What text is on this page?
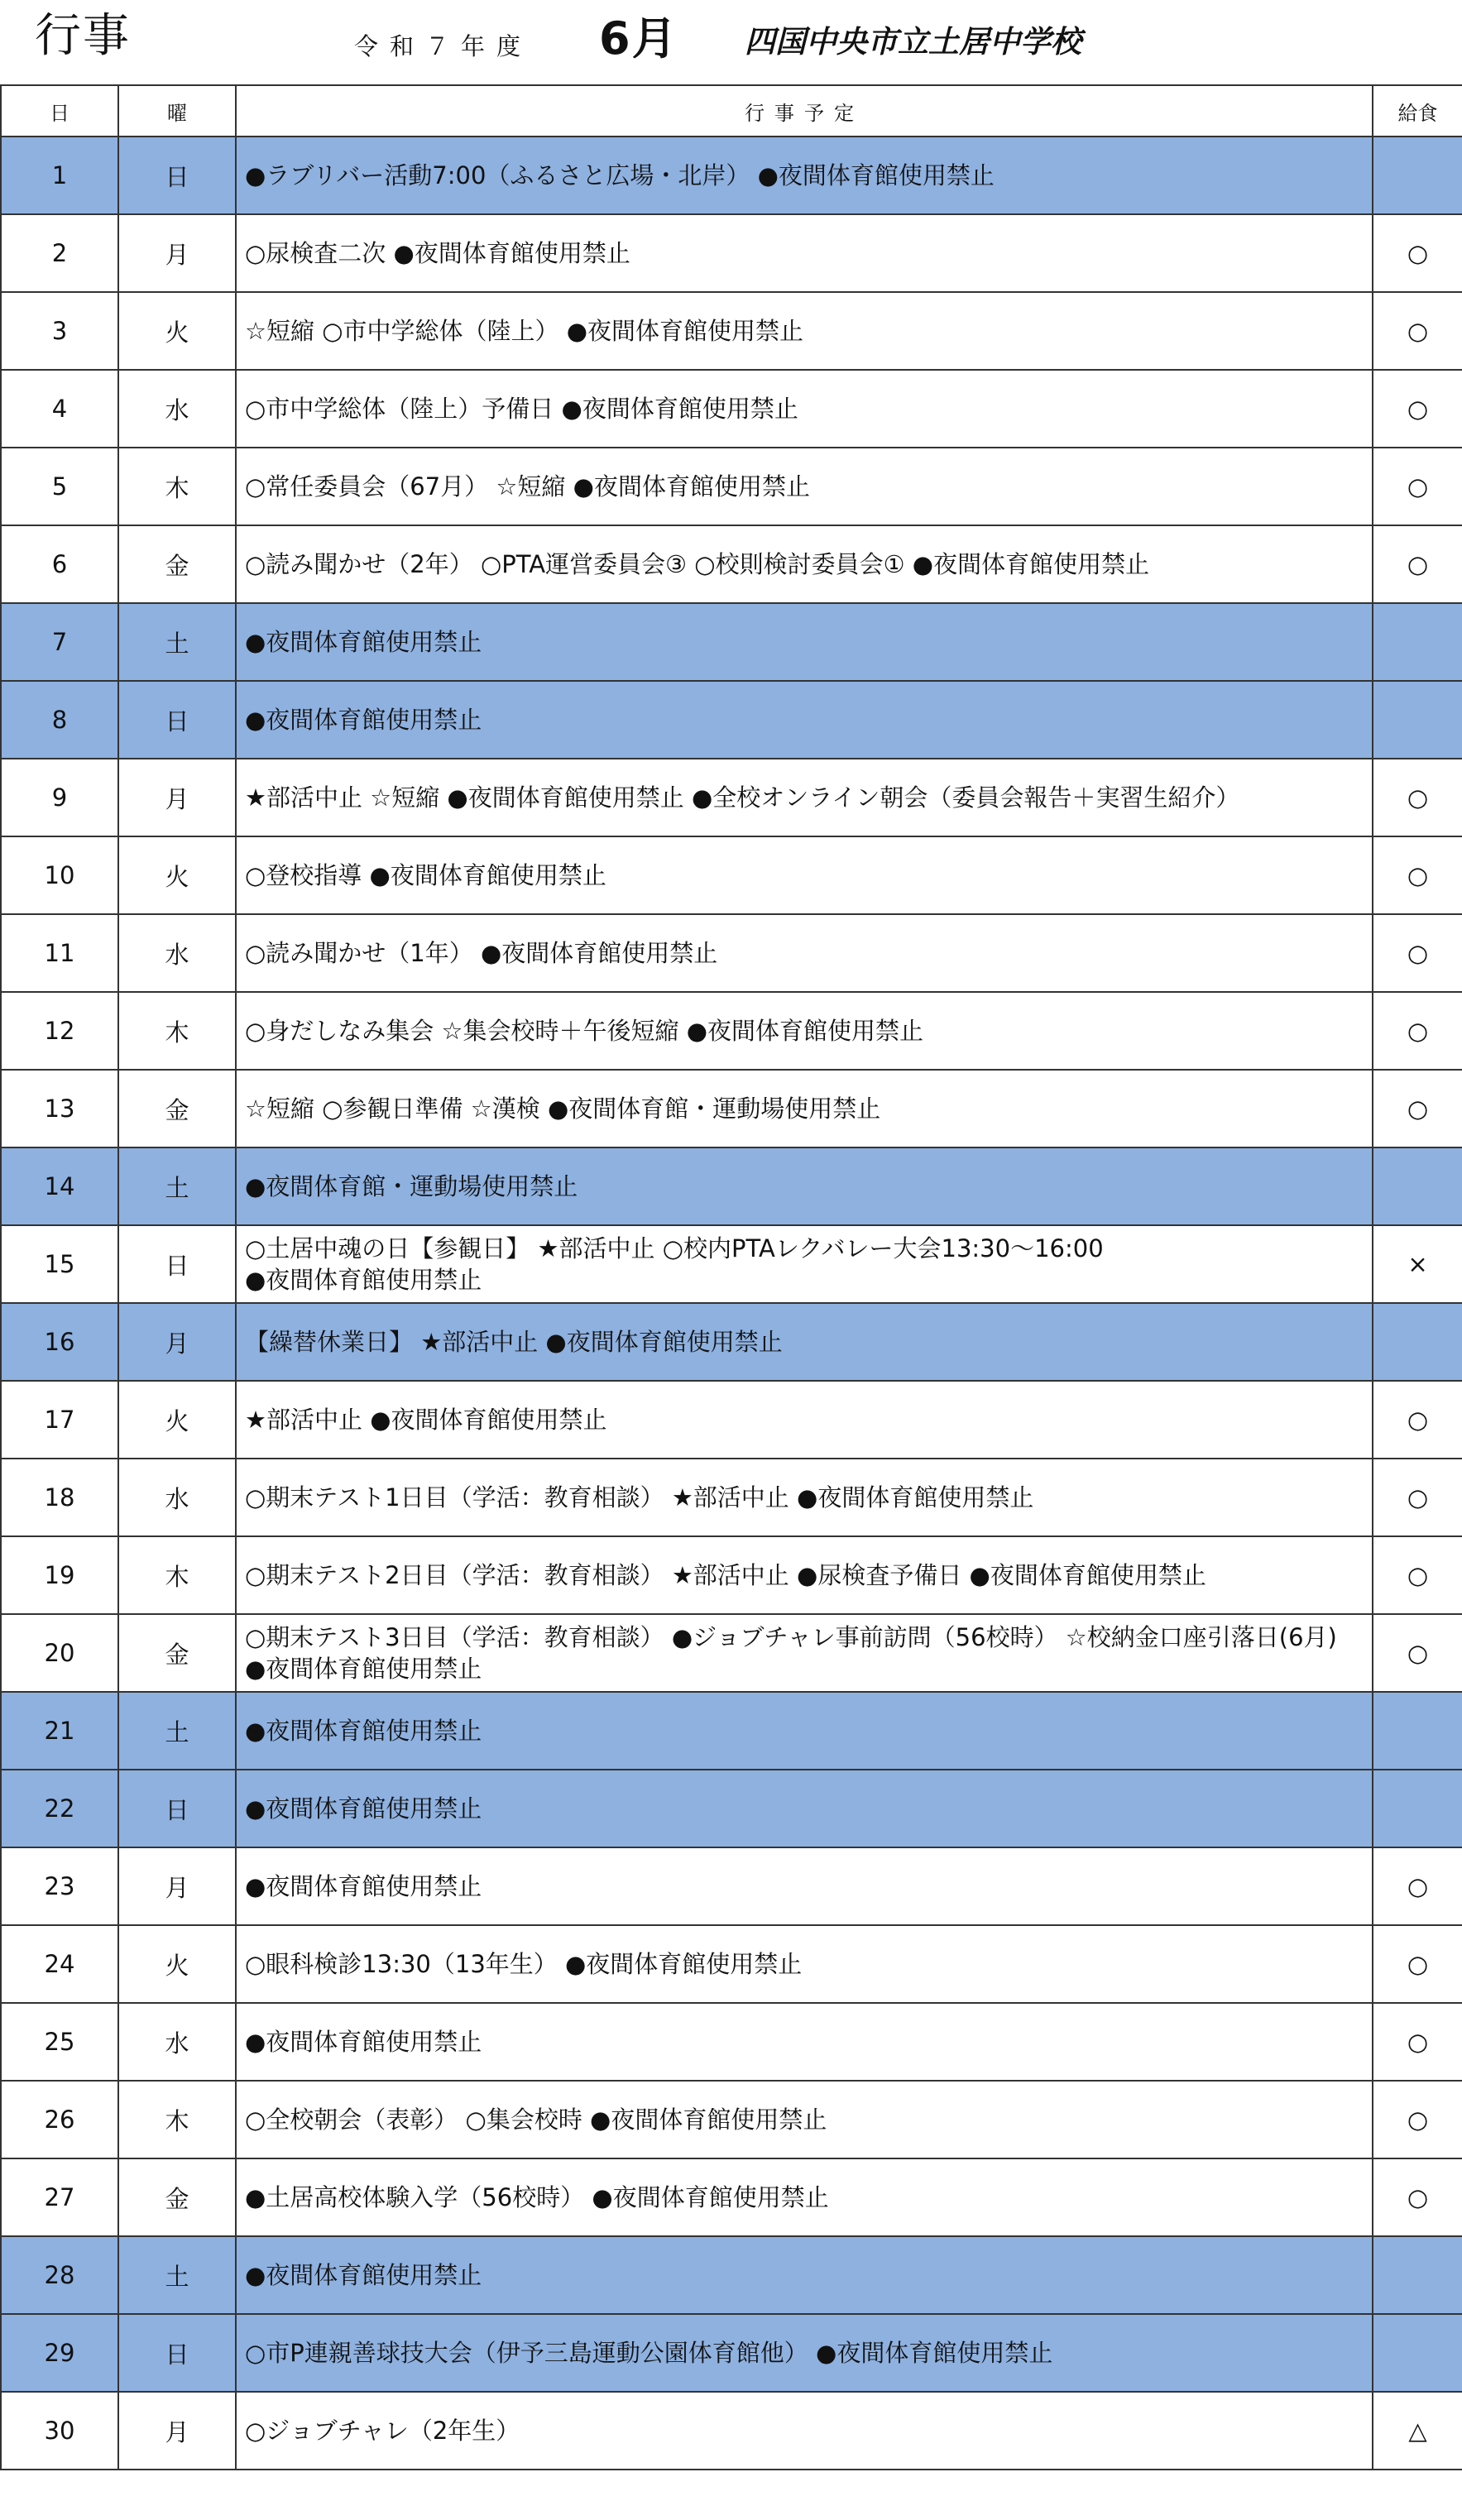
行事	令和７年度 6月 四国中央市立土居中学校
日	曜	行事予定	給食
1	日	●ラブリバー活動7:00（ふるさと広場・北岸） ●夜間体育館使用禁止	
2	月	○尿検査二次 ●夜間体育館使用禁止	○
3	火	☆短縮 ○市中学総体（陸上） ●夜間体育館使用禁止	○
4	水	○市中学総体（陸上）予備日 ●夜間体育館使用禁止	○
5	木	○常任委員会（67月） ☆短縮 ●夜間体育館使用禁止	○
6	金	○読み聞かせ（2年） ○PTA運営委員会③ ○校則検討委員会① ●夜間体育館使用禁止	○
7	土	●夜間体育館使用禁止	
8	日	●夜間体育館使用禁止	
9	月	★部活中止 ☆短縮 ●夜間体育館使用禁止 ●全校オンライン朝会（委員会報告＋実習生紹介）	○
10	火	○登校指導 ●夜間体育館使用禁止	○
11	水	○読み聞かせ（1年） ●夜間体育館使用禁止	○
12	木	○身だしなみ集会 ☆集会校時＋午後短縮 ●夜間体育館使用禁止	○
13	金	☆短縮 ○参観日準備 ☆漢検 ●夜間体育館・運動場使用禁止	○
14	土	●夜間体育館・運動場使用禁止	
15	日	○土居中魂の日【参観日】 ★部活中止 ○校内PTAレクバレー大会13:30～16:00
●夜間体育館使用禁止	×
16	月	【繰替休業日】 ★部活中止 ●夜間体育館使用禁止	
17	火	★部活中止 ●夜間体育館使用禁止	○
18	水	○期末テスト1日目（学活：教育相談） ★部活中止 ●夜間体育館使用禁止	○
19	木	○期末テスト2日目（学活：教育相談） ★部活中止 ●尿検査予備日 ●夜間体育館使用禁止	○
20	金	○期末テスト3日目（学活：教育相談） ●ジョブチャレ事前訪問（56校時） ☆校納金口座引落日(6月)
●夜間体育館使用禁止	○
21	土	●夜間体育館使用禁止	
22	日	●夜間体育館使用禁止	
23	月	●夜間体育館使用禁止	○
24	火	○眼科検診13:30（13年生） ●夜間体育館使用禁止	○
25	水	●夜間体育館使用禁止	○
26	木	○全校朝会（表彰） ○集会校時 ●夜間体育館使用禁止	○
27	金	●土居高校体験入学（56校時） ●夜間体育館使用禁止	○
28	土	●夜間体育館使用禁止	
29	日	○市P連親善球技大会（伊予三島運動公園体育館他） ●夜間体育館使用禁止	
30	月	○ジョブチャレ（2年生）	△
